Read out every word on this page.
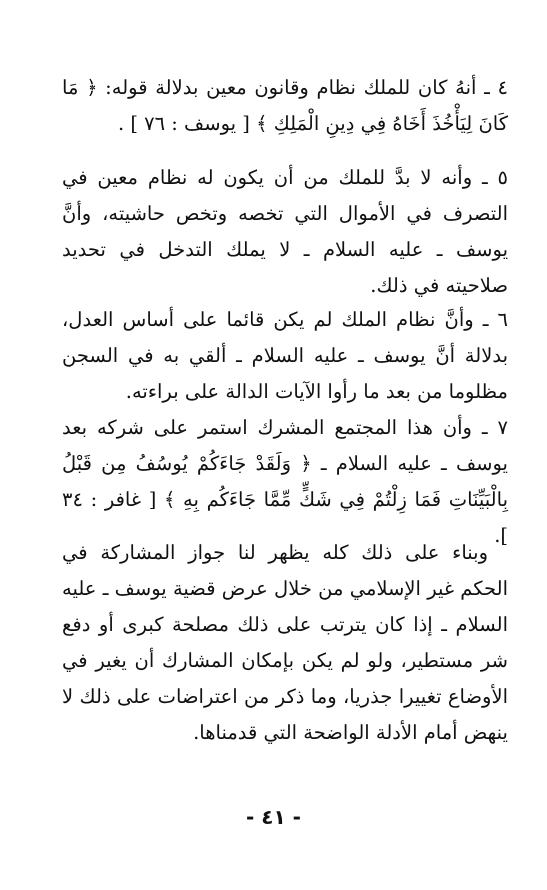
٤ ـ أنهُ كان للملك نظام وقانون معين بدلالة قوله: ﴿ مَا كَانَ لِيَأْخُذَ أَخَاهُ فِي دِينِ الْمَلِكِ ﴾ [ يوسف : ٧٦ ] .

٥ ـ وأنه لا بدَّ للملك من أن يكون له نظام معين في التصرف في الأموال التي تخصه وتخص حاشيته، وأنَّ يوسف ـ عليه السلام ـ لا يملك التدخل في تحديد صلاحيته في ذلك.

٦ ـ وأنَّ نظام الملك لم يكن قائما على أساس العدل، بدلالة أنَّ يوسف ـ عليه السلام ـ ألقي به في السجن مظلوما من بعد ما رأوا الآيات الدالة على براءته.

٧ ـ وأن هذا المجتمع المشرك استمر على شركه بعد يوسف ـ عليه السلام ـ ﴿ وَلَقَدْ جَاءَكُمْ يُوسُفُ مِن قَبْلُ بِالْبَيِّنَاتِ فَمَا زِلْتُمْ فِي شَكٍّ مِّمَّا جَاءَكُم بِهِ ﴾ [ غافر : ٣٤ ].

وبناء على ذلك كله يظهر لنا جواز المشاركة في الحكم غير الإسلامي من خلال عرض قضية يوسف ـ عليه السلام ـ إذا كان يترتب على ذلك مصلحة كبرى أو دفع شر مستطير، ولو لم يكن بإمكان المشارك أن يغير في الأوضاع تغييرا جذريا، وما ذكر من اعتراضات على ذلك لا ينهض أمام الأدلة الواضحة التي قدمناها.

- ٤١ -
